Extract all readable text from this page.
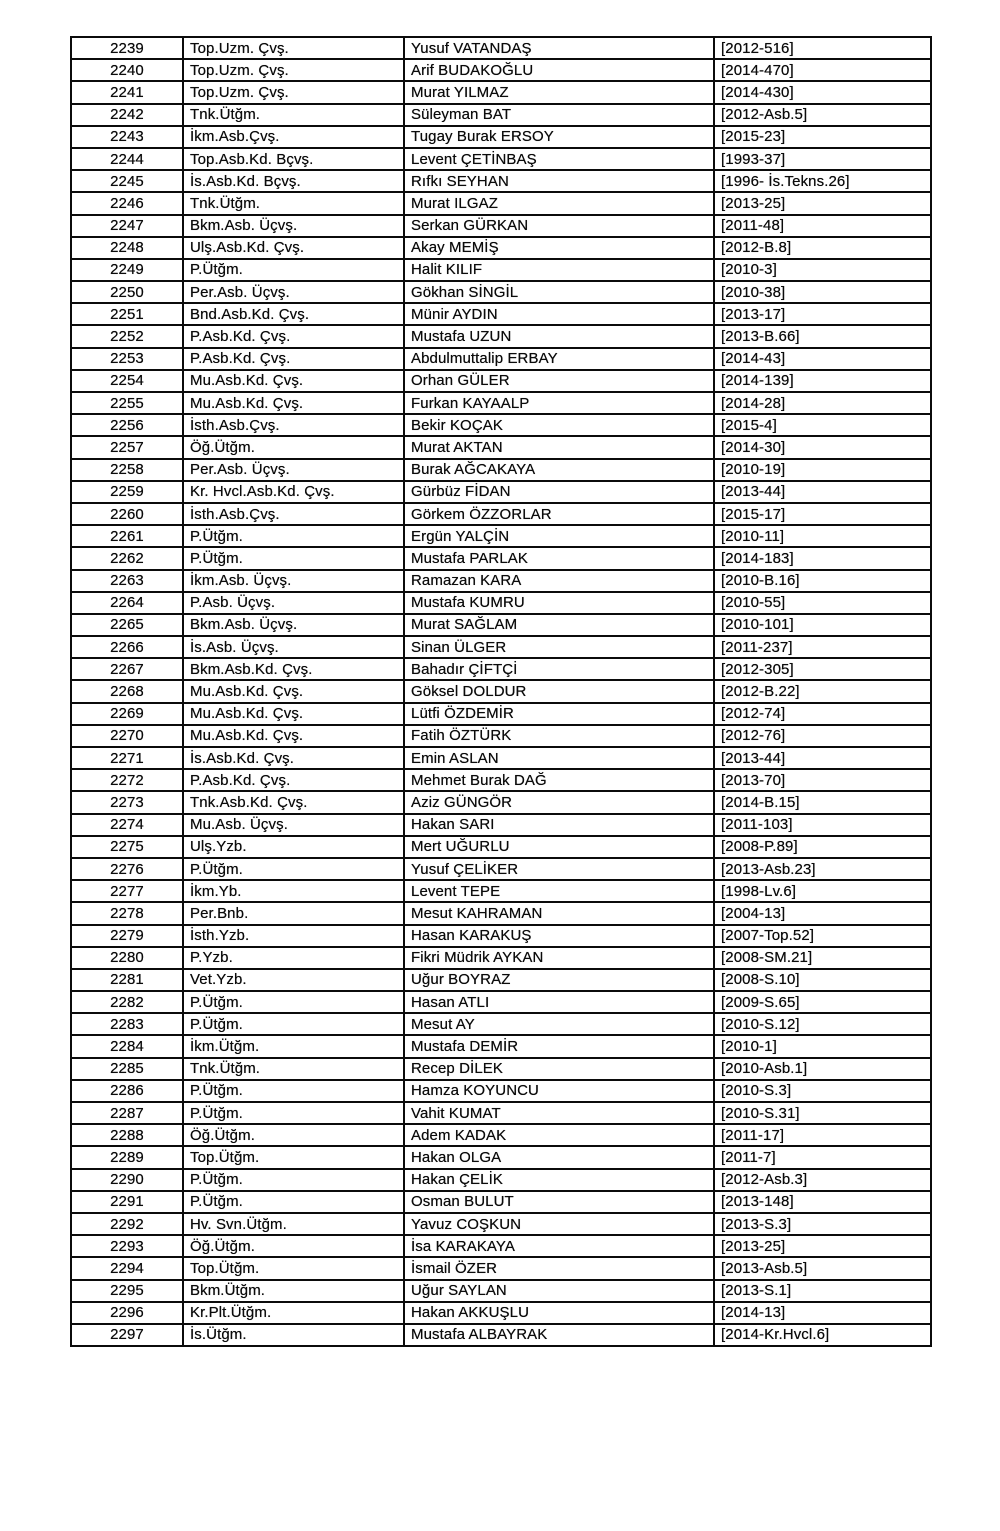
2239	Top.Uzm. Çvş.	Yusuf VATANDAŞ	[2012-516]
2240	Top.Uzm. Çvş.	Arif BUDAKOĞLU	[2014-470]
2241	Top.Uzm. Çvş.	Murat YILMAZ	[2014-430]
2242	Tnk.Ütğm.	Süleyman BAT	[2012-Asb.5]
2243	İkm.Asb.Çvş.	Tugay Burak ERSOY	[2015-23]
2244	Top.Asb.Kd. Bçvş.	Levent ÇETİNBAŞ	[1993-37]
2245	İs.Asb.Kd. Bçvş.	Rıfkı SEYHAN	[1996- İs.Tekns.26]
2246	Tnk.Ütğm.	Murat ILGAZ	[2013-25]
2247	Bkm.Asb. Üçvş.	Serkan GÜRKAN	[2011-48]
2248	Ulş.Asb.Kd. Çvş.	Akay MEMİŞ	[2012-B.8]
2249	P.Ütğm.	Halit KILIF	[2010-3]
2250	Per.Asb. Üçvş.	Gökhan SİNGİL	[2010-38]
2251	Bnd.Asb.Kd. Çvş.	Münir AYDIN	[2013-17]
2252	P.Asb.Kd. Çvş.	Mustafa UZUN	[2013-B.66]
2253	P.Asb.Kd. Çvş.	Abdulmuttalip ERBAY	[2014-43]
2254	Mu.Asb.Kd. Çvş.	Orhan GÜLER	[2014-139]
2255	Mu.Asb.Kd. Çvş.	Furkan KAYAALP	[2014-28]
2256	İsth.Asb.Çvş.	Bekir KOÇAK	[2015-4]
2257	Öğ.Ütğm.	Murat AKTAN	[2014-30]
2258	Per.Asb. Üçvş.	Burak AĞCAKAYA	[2010-19]
2259	Kr. Hvcl.Asb.Kd. Çvş.	Gürbüz FİDAN	[2013-44]
2260	İsth.Asb.Çvş.	Görkem ÖZZORLAR	[2015-17]
2261	P.Ütğm.	Ergün YALÇİN	[2010-11]
2262	P.Ütğm.	Mustafa PARLAK	[2014-183]
2263	İkm.Asb. Üçvş.	Ramazan KARA	[2010-B.16]
2264	P.Asb. Üçvş.	Mustafa KUMRU	[2010-55]
2265	Bkm.Asb. Üçvş.	Murat SAĞLAM	[2010-101]
2266	İs.Asb. Üçvş.	Sinan ÜLGER	[2011-237]
2267	Bkm.Asb.Kd. Çvş.	Bahadır ÇİFTÇİ	[2012-305]
2268	Mu.Asb.Kd. Çvş.	Göksel DOLDUR	[2012-B.22]
2269	Mu.Asb.Kd. Çvş.	Lütfi ÖZDEMİR	[2012-74]
2270	Mu.Asb.Kd. Çvş.	Fatih ÖZTÜRK	[2012-76]
2271	İs.Asb.Kd. Çvş.	Emin ASLAN	[2013-44]
2272	P.Asb.Kd. Çvş.	Mehmet Burak DAĞ	[2013-70]
2273	Tnk.Asb.Kd. Çvş.	Aziz GÜNGÖR	[2014-B.15]
2274	Mu.Asb. Üçvş.	Hakan SARI	[2011-103]
2275	Ulş.Yzb.	Mert UĞURLU	[2008-P.89]
2276	P.Ütğm.	Yusuf ÇELİKER	[2013-Asb.23]
2277	İkm.Yb.	Levent TEPE	[1998-Lv.6]
2278	Per.Bnb.	Mesut KAHRAMAN	[2004-13]
2279	İsth.Yzb.	Hasan KARAKUŞ	[2007-Top.52]
2280	P.Yzb.	Fikri Müdrik AYKAN	[2008-SM.21]
2281	Vet.Yzb.	Uğur BOYRAZ	[2008-S.10]
2282	P.Ütğm.	Hasan ATLI	[2009-S.65]
2283	P.Ütğm.	Mesut AY	[2010-S.12]
2284	İkm.Ütğm.	Mustafa DEMİR	[2010-1]
2285	Tnk.Ütğm.	Recep DİLEK	[2010-Asb.1]
2286	P.Ütğm.	Hamza KOYUNCU	[2010-S.3]
2287	P.Ütğm.	Vahit KUMAT	[2010-S.31]
2288	Öğ.Ütğm.	Adem KADAK	[2011-17]
2289	Top.Ütğm.	Hakan OLGA	[2011-7]
2290	P.Ütğm.	Hakan ÇELİK	[2012-Asb.3]
2291	P.Ütğm.	Osman BULUT	[2013-148]
2292	Hv. Svn.Ütğm.	Yavuz COŞKUN	[2013-S.3]
2293	Öğ.Ütğm.	İsa KARAKAYA	[2013-25]
2294	Top.Ütğm.	İsmail ÖZER	[2013-Asb.5]
2295	Bkm.Ütğm.	Uğur SAYLAN	[2013-S.1]
2296	Kr.Plt.Ütğm.	Hakan AKKUŞLU	[2014-13]
2297	İs.Ütğm.	Mustafa ALBAYRAK	[2014-Kr.Hvcl.6]
